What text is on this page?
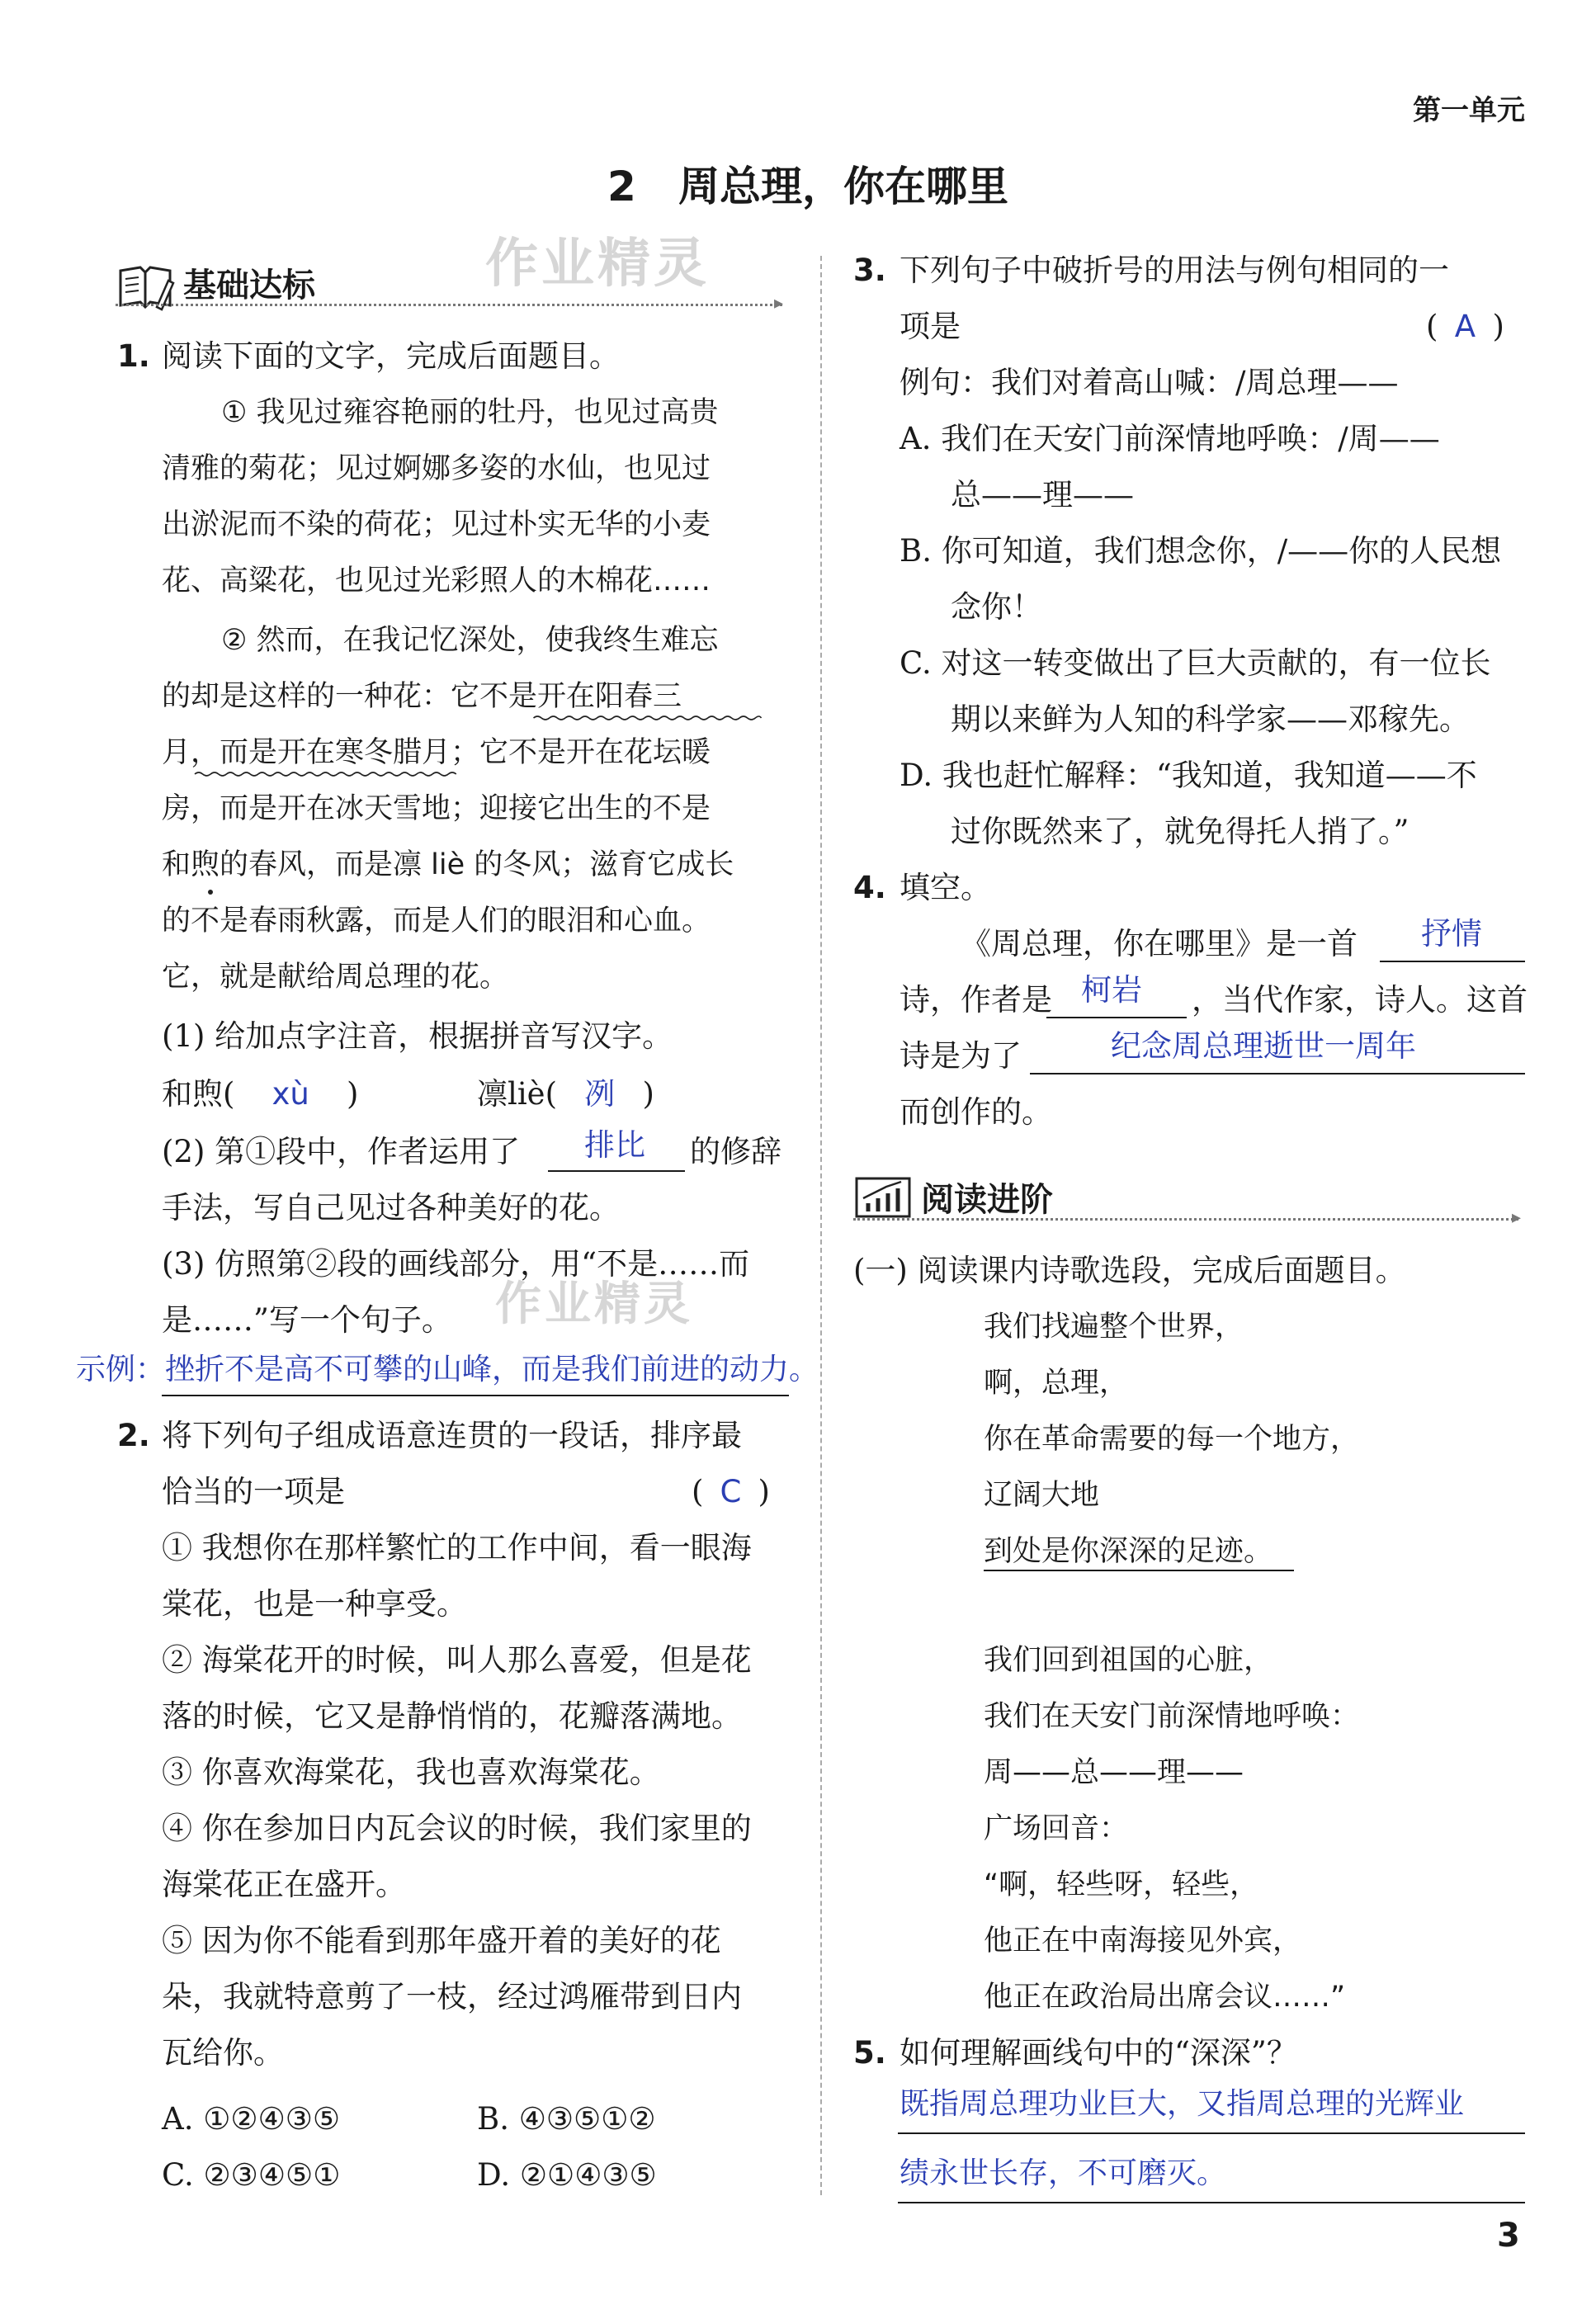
第一单元
3
2 周总理，你在哪里
作业精灵
作业精灵
基础达标	▸
1. 阅读下面的文字，完成后面题目。
① 我见过雍容艳丽的牡丹，也见过高贵
清雅的菊花；见过婀娜多姿的水仙，也见过
出淤泥而不染的荷花；见过朴实无华的小麦
花、高粱花，也见过光彩照人的木棉花……
② 然而，在我记忆深处，使我终生难忘
的却是这样的一种花：它不是开在阳春三
月，而是开在寒冬腊月；它不是开在花坛暖
房，而是开在冰天雪地；迎接它出生的不是
和煦的春风，而是凛 liè 的冬风；滋育它成长
的不是春雨秋露，而是人们的眼泪和心血。
它，就是献给周总理的花。
(1) 给加点字注音，根据拼音写汉字。
和煦( xù )	凛liè( 冽 )
(2) 第①段中，作者运用了 排比 的修辞
手法，写自己见过各种美好的花。
(3) 仿照第②段的画线部分，用“不是……而
是……”写一个句子。
示例：挫折不是高不可攀的山峰，而是我们前进的动力。
2. 将下列句子组成语意连贯的一段话，排序最
恰当的一项是	( C )
① 我想你在那样繁忙的工作中间，看一眼海
棠花，也是一种享受。
② 海棠花开的时候，叫人那么喜爱，但是花
落的时候，它又是静悄悄的，花瓣落满地。
③ 你喜欢海棠花，我也喜欢海棠花。
④ 你在参加日内瓦会议的时候，我们家里的
海棠花正在盛开。
⑤ 因为你不能看到那年盛开着的美好的花
朵，我就特意剪了一枝，经过鸿雁带到日内
瓦给你。
A. ①②④③⑤	B. ④③⑤①②
C. ②③④⑤①	D. ②①④③⑤
3. 下列句子中破折号的用法与例句相同的一
项是	( A )
例句：我们对着高山喊：/周总理——
A. 我们在天安门前深情地呼唤：/周——
总——理——
B. 你可知道，我们想念你，/——你的人民想
念你！
C. 对这一转变做出了巨大贡献的，有一位长
期以来鲜为人知的科学家——邓稼先。
D. 我也赶忙解释：“我知道，我知道——不
过你既然来了，就免得托人捎了。”
4. 填空。
《周总理，你在哪里》是一首 抒情
诗，作者是 柯岩 ，当代作家，诗人。这首
诗是为了	纪念周总理逝世一周年
而创作的。
阅读进阶	▸
(一) 阅读课内诗歌选段，完成后面题目。
我们找遍整个世界，
啊，总理，
你在革命需要的每一个地方，
辽阔大地
到处是你深深的足迹。
我们回到祖国的心脏，
我们在天安门前深情地呼唤：
周——总——理——
广场回音：
“啊，轻些呀，轻些，
他正在中南海接见外宾，
他正在政治局出席会议……”
5. 如何理解画线句中的“深深”？
既指周总理功业巨大，又指周总理的光辉业
绩永世长存，不可磨灭。
